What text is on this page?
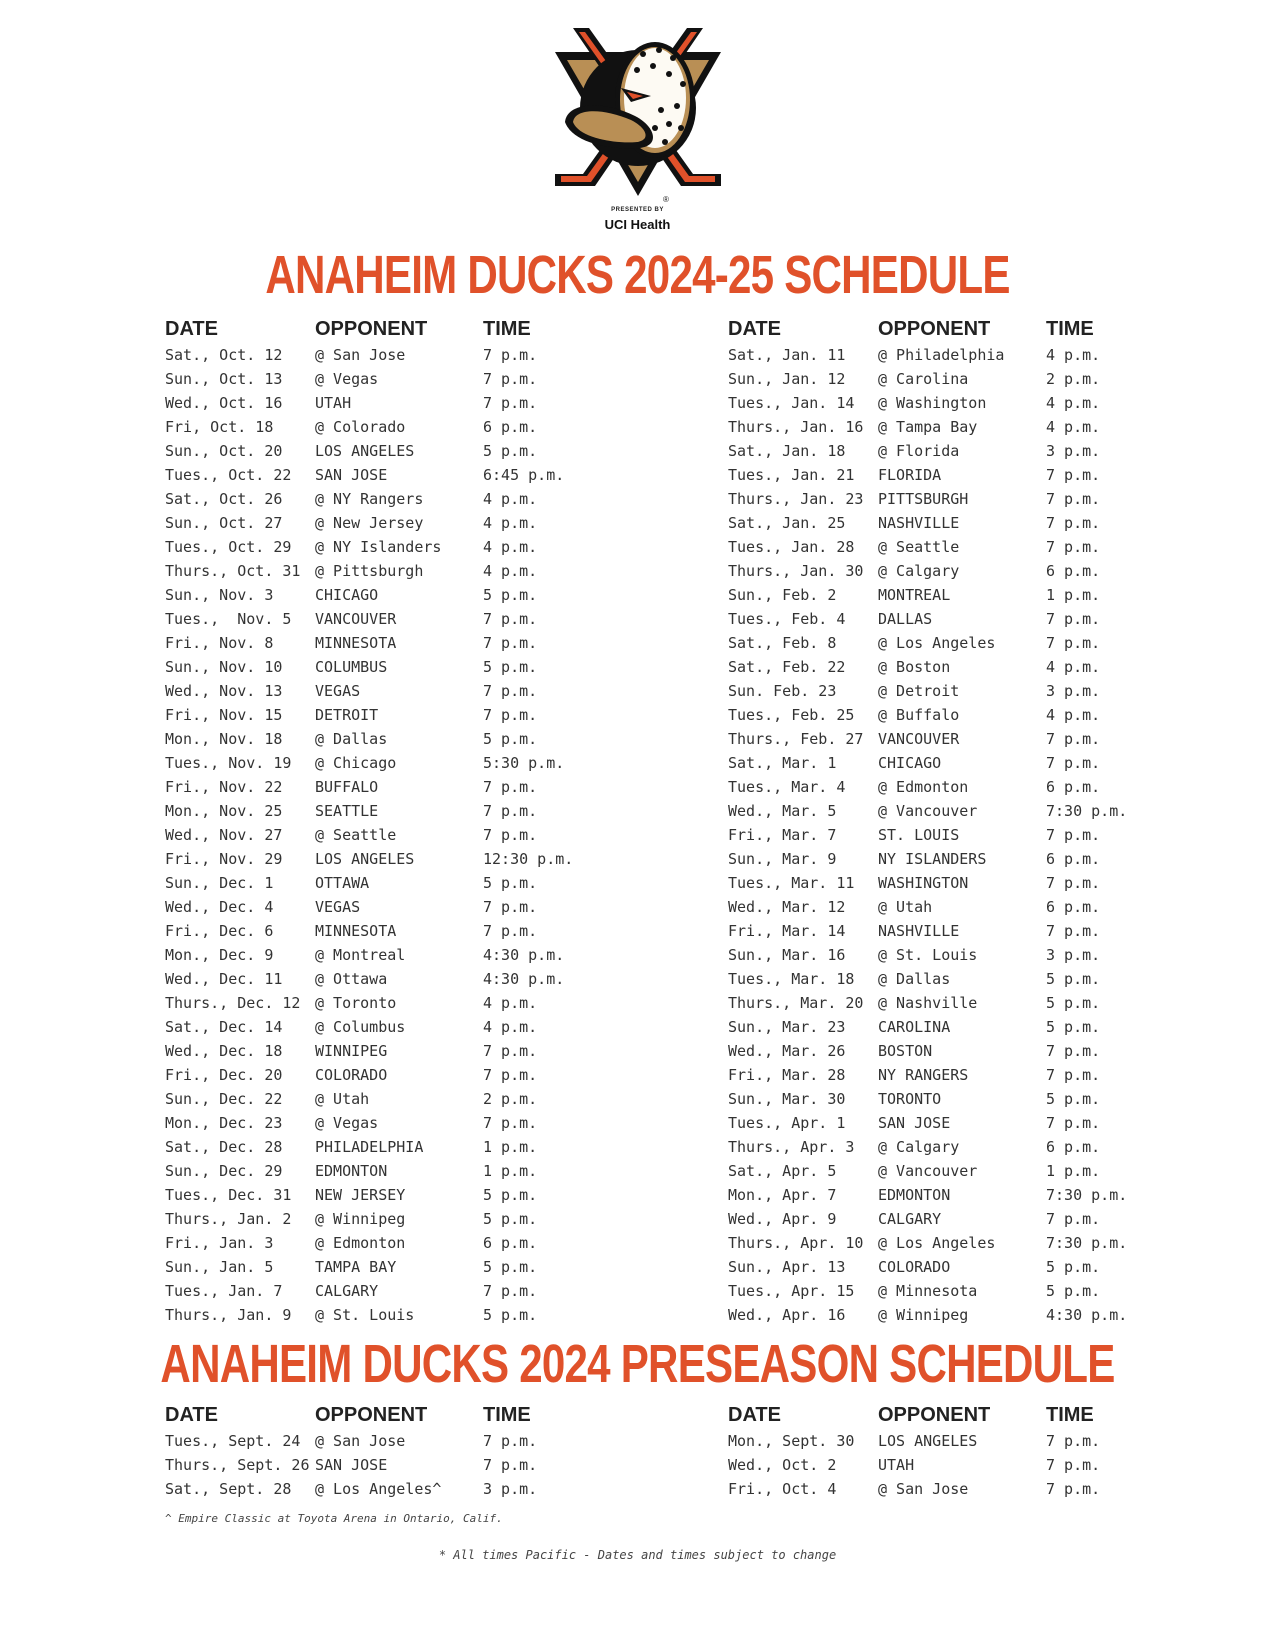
®
PRESENTED BY
UCI Health
ANAHEIM DUCKS 2024-25 SCHEDULE
DATE	OPPONENT	TIME
Sat., Oct. 12 @ San Jose	7 p.m.
Sun., Oct. 13 @ Vegas	7 p.m.
Wed., Oct. 16 UTAH	7 p.m.
Fri, Oct. 18	@ Colorado	6 p.m.
Sun., Oct. 20 LOS ANGELES	5 p.m.
Tues., Oct. 22 SAN JOSE	6:45 p.m.
Sat., Oct. 26 @ NY Rangers	4 p.m.
Sun., Oct. 27 @ New Jersey	4 p.m.
Tues., Oct. 29 @ NY Islanders	4 p.m.
Thurs., Oct. 31 @ Pittsburgh	4 p.m.
Sun., Nov. 3	CHICAGO	5 p.m.
Tues.,  Nov. 5 VANCOUVER	7 p.m.
Fri., Nov. 8	MINNESOTA	7 p.m.
Sun., Nov. 10 COLUMBUS	5 p.m.
Wed., Nov. 13 VEGAS	7 p.m.
Fri., Nov. 15 DETROIT	7 p.m.
Mon., Nov. 18 @ Dallas	5 p.m.
Tues., Nov. 19 @ Chicago	5:30 p.m.
Fri., Nov. 22 BUFFALO	7 p.m.
Mon., Nov. 25 SEATTLE	7 p.m.
Wed., Nov. 27 @ Seattle	7 p.m.
Fri., Nov. 29 LOS ANGELES	12:30 p.m.
Sun., Dec. 1	OTTAWA	5 p.m.
Wed., Dec. 4	VEGAS	7 p.m.
Fri., Dec. 6	MINNESOTA	7 p.m.
Mon., Dec. 9	@ Montreal	4:30 p.m.
Wed., Dec. 11 @ Ottawa	4:30 p.m.
Thurs., Dec. 12 @ Toronto	4 p.m.
Sat., Dec. 14 @ Columbus	4 p.m.
Wed., Dec. 18 WINNIPEG	7 p.m.
Fri., Dec. 20 COLORADO	7 p.m.
Sun., Dec. 22 @ Utah	2 p.m.
Mon., Dec. 23 @ Vegas	7 p.m.
Sat., Dec. 28 PHILADELPHIA	1 p.m.
Sun., Dec. 29 EDMONTON	1 p.m.
Tues., Dec. 31 NEW JERSEY	5 p.m.
Thurs., Jan. 2 @ Winnipeg	5 p.m.
Fri., Jan. 3	@ Edmonton	6 p.m.
Sun., Jan. 5	TAMPA BAY	5 p.m.
Tues., Jan. 7 CALGARY	7 p.m.
Thurs., Jan. 9 @ St. Louis	5 p.m.
DATE	OPPONENT	TIME
Sat., Jan. 11 @ Philadelphia	4 p.m.
Sun., Jan. 12 @ Carolina	2 p.m.
Tues., Jan. 14 @ Washington	4 p.m.
Thurs., Jan. 16 @ Tampa Bay	4 p.m.
Sat., Jan. 18 @ Florida	3 p.m.
Tues., Jan. 21 FLORIDA	7 p.m.
Thurs., Jan. 23 PITTSBURGH	7 p.m.
Sat., Jan. 25 NASHVILLE	7 p.m.
Tues., Jan. 28 @ Seattle	7 p.m.
Thurs., Jan. 30 @ Calgary	6 p.m.
Sun., Feb. 2	MONTREAL	1 p.m.
Tues., Feb. 4 DALLAS	7 p.m.
Sat., Feb. 8	@ Los Angeles	7 p.m.
Sat., Feb. 22 @ Boston	4 p.m.
Sun. Feb. 23	@ Detroit	3 p.m.
Tues., Feb. 25 @ Buffalo	4 p.m.
Thurs., Feb. 27 VANCOUVER	7 p.m.
Sat., Mar. 1	CHICAGO	7 p.m.
Tues., Mar. 4 @ Edmonton	6 p.m.
Wed., Mar. 5	@ Vancouver	7:30 p.m.
Fri., Mar. 7	ST. LOUIS	7 p.m.
Sun., Mar. 9	NY ISLANDERS	6 p.m.
Tues., Mar. 11 WASHINGTON	7 p.m.
Wed., Mar. 12 @ Utah	6 p.m.
Fri., Mar. 14 NASHVILLE	7 p.m.
Sun., Mar. 16 @ St. Louis	3 p.m.
Tues., Mar. 18 @ Dallas	5 p.m.
Thurs., Mar. 20 @ Nashville	5 p.m.
Sun., Mar. 23 CAROLINA	5 p.m.
Wed., Mar. 26 BOSTON	7 p.m.
Fri., Mar. 28 NY RANGERS	7 p.m.
Sun., Mar. 30 TORONTO	5 p.m.
Tues., Apr. 1 SAN JOSE	7 p.m.
Thurs., Apr. 3 @ Calgary	6 p.m.
Sat., Apr. 5	@ Vancouver	1 p.m.
Mon., Apr. 7	EDMONTON	7:30 p.m.
Wed., Apr. 9	CALGARY	7 p.m.
Thurs., Apr. 10 @ Los Angeles	7:30 p.m.
Sun., Apr. 13 COLORADO	5 p.m.
Tues., Apr. 15 @ Minnesota	5 p.m.
Wed., Apr. 16 @ Winnipeg	4:30 p.m.
ANAHEIM DUCKS 2024 PRESEASON SCHEDULE
DATE	OPPONENT	TIME
Tues., Sept. 24 @ San Jose	7 p.m.
Thurs., Sept. 26 SAN JOSE	7 p.m.
Sat., Sept. 28 @ Los Angeles^	3 p.m.
DATE	OPPONENT	TIME
Mon., Sept. 30 LOS ANGELES	7 p.m.
Wed., Oct. 2	UTAH	7 p.m.
Fri., Oct. 4	@ San Jose	7 p.m.
^ Empire Classic at Toyota Arena in Ontario, Calif.
* All times Pacific - Dates and times subject to change
